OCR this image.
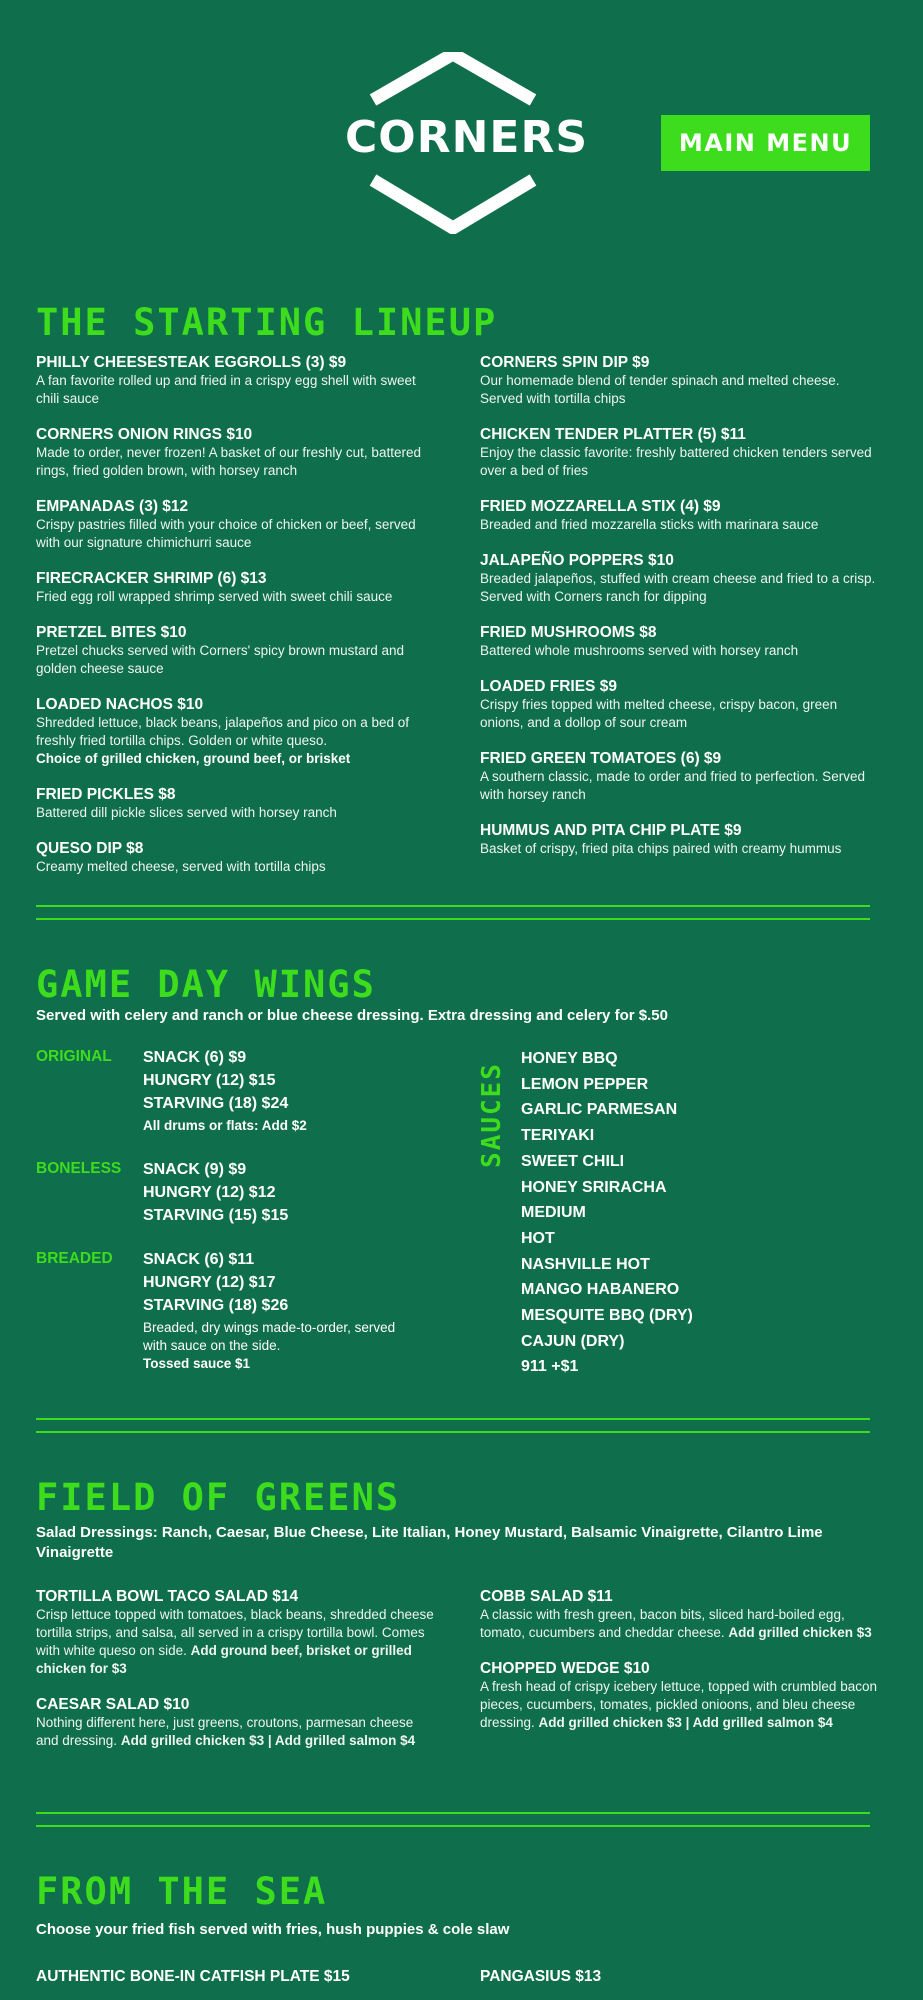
CORNERS	MAIN MENU
THE STARTING LINEUP
PHILLY CHEESESTEAK EGGROLLS (3) $9
A fan favorite rolled up and fried in a crispy egg shell with sweet chili sauce
CORNERS ONION RINGS $10
Made to order, never frozen! A basket of our freshly cut, battered rings, fried golden brown, with horsey ranch
EMPANADAS (3) $12
Crispy pastries filled with your choice of chicken or beef, served with our signature chimichurri sauce
FIRECRACKER SHRIMP (6) $13
Fried egg roll wrapped shrimp served with sweet chili sauce
PRETZEL BITES $10
Pretzel chucks served with Corners' spicy brown mustard and golden cheese sauce
LOADED NACHOS $10
Shredded lettuce, black beans, jalapeños and pico on a bed of freshly fried tortilla chips. Golden or white queso.
Choice of grilled chicken, ground beef, or brisket
FRIED PICKLES $8
Battered dill pickle slices served with horsey ranch
QUESO DIP $8
Creamy melted cheese, served with tortilla chips
CORNERS SPIN DIP $9
Our homemade blend of tender spinach and melted cheese. Served with tortilla chips
CHICKEN TENDER PLATTER (5) $11
Enjoy the classic favorite: freshly battered chicken tenders served over a bed of fries
FRIED MOZZARELLA STIX (4) $9
Breaded and fried mozzarella sticks with marinara sauce
JALAPEÑO POPPERS $10
Breaded jalapeños, stuffed with cream cheese and fried to a crisp. Served with Corners ranch for dipping
FRIED MUSHROOMS $8
Battered whole mushrooms served with horsey ranch
LOADED FRIES $9
Crispy fries topped with melted cheese, crispy bacon, green onions, and a dollop of sour cream
FRIED GREEN TOMATOES (6) $9
A southern classic, made to order and fried to perfection. Served with horsey ranch
HUMMUS AND PITA CHIP PLATE $9
Basket of crispy, fried pita chips paired with creamy hummus
GAME DAY WINGS
Served with celery and ranch or blue cheese dressing. Extra dressing and celery for $.50
ORIGINAL SNACK (6) $9
HUNGRY (12) $15
STARVING (18) $24
All drums or flats: Add $2
BONELESS SNACK (9) $9
HUNGRY (12) $12
STARVING (15) $15
BREADED SNACK (6) $11
HUNGRY (12) $17
STARVING (18) $26
Breaded, dry wings made-to-order, served with sauce on the side.
Tossed sauce $1
SAUCES
HONEY BBQ
LEMON PEPPER
GARLIC PARMESAN
TERIYAKI
SWEET CHILI
HONEY SRIRACHA
MEDIUM
HOT
NASHVILLE HOT
MANGO HABANERO
MESQUITE BBQ (DRY)
CAJUN (DRY)
911 +$1
FIELD OF GREENS
Salad Dressings: Ranch, Caesar, Blue Cheese, Lite Italian, Honey Mustard, Balsamic Vinaigrette, Cilantro Lime Vinaigrette
TORTILLA BOWL TACO SALAD $14
Crisp lettuce topped with tomatoes, black beans, shredded cheese tortilla strips, and salsa, all served in a crispy tortilla bowl. Comes with white queso on side. Add ground beef, brisket or grilled chicken for $3
CAESAR SALAD $10
Nothing different here, just greens, croutons, parmesan cheese and dressing. Add grilled chicken $3 | Add grilled salmon $4
COBB SALAD $11
A classic with fresh green, bacon bits, sliced hard-boiled egg, tomato, cucumbers and cheddar cheese. Add grilled chicken $3
CHOPPED WEDGE $10
A fresh head of crispy icebery lettuce, topped with crumbled bacon pieces, cucumbers, tomates, pickled onioons, and bleu cheese dressing. Add grilled chicken $3 | Add grilled salmon $4
FROM THE SEA
Choose your fried fish served with fries, hush puppies & cole slaw
AUTHENTIC BONE-IN CATFISH PLATE $15	PANGASIUS $13
